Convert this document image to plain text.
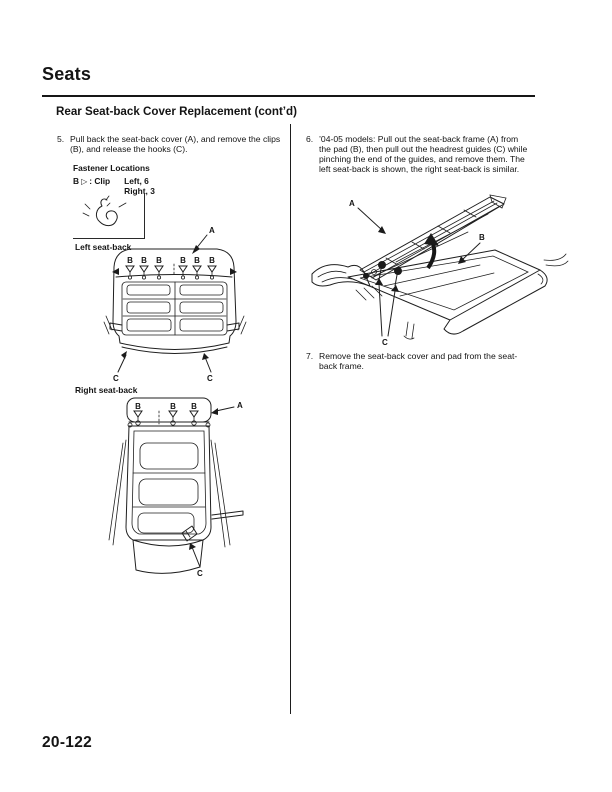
Seats
Rear Seat-back Cover Replacement (cont’d)
5. Pull back the seat-back cover (A), and remove the clips (B), and release the hooks (C).
Fastener Locations
B ▷ : Clip Left, 6
Right, 3
Left seat-back
A
B B B B B B
C	C
Right seat-back
A
B	B B
C
6. ’04-05 models: Pull out the seat-back frame (A) from the pad (B), then pull out the headrest guides (C) while pinching the end of the guides, and remove them. The left seat-back is shown, the right seat-back is similar.
A
B
C
7. Remove the seat-back cover and pad from the seat-back frame.
20-122
